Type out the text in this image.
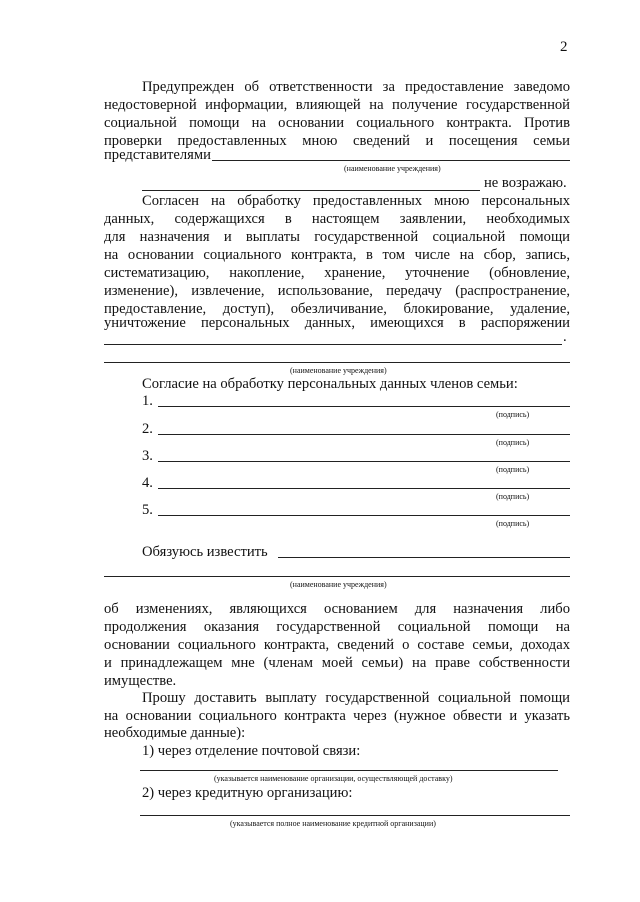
2
Предупрежден об ответственности за предоставление заведомо
недостоверной информации, влияющей на получение государственной
социальной помощи на основании социального контракта. Против
проверки предоставленных мною сведений и посещения семьи
представителями
(наименование учреждения)
не возражаю.
Согласен на обработку предоставленных мною персональных
данных, содержащихся в настоящем заявлении, необходимых
для назначения и выплаты государственной социальной помощи
на основании социального контракта, в том числе на сбор, запись,
систематизацию, накопление, хранение, уточнение (обновление,
изменение), извлечение, использование, передачу (распространение,
предоставление, доступ), обезличивание, блокирование, удаление,
уничтожение персональных данных, имеющихся в распоряжении
.
(наименование учреждения)
Согласие на обработку персональных данных членов семьи:
1.
(подпись)
2.
(подпись)
3.
(подпись)
4.
(подпись)
5.
(подпись)
Обязуюсь известить
(наименование учреждения)
об изменениях, являющихся основанием для назначения либо
продолжения оказания государственной социальной помощи на
основании социального контракта, сведений о составе семьи, доходах
и принадлежащем мне (членам моей семьи) на праве собственности
имуществе.
Прошу доставить выплату государственной социальной помощи
на основании социального контракта через (нужное обвести и указать
необходимые данные):
1) через отделение почтовой связи:
(указывается наименование организации, осуществляющей доставку)
2) через кредитную организацию:
(указывается полное наименование кредитной организации)
